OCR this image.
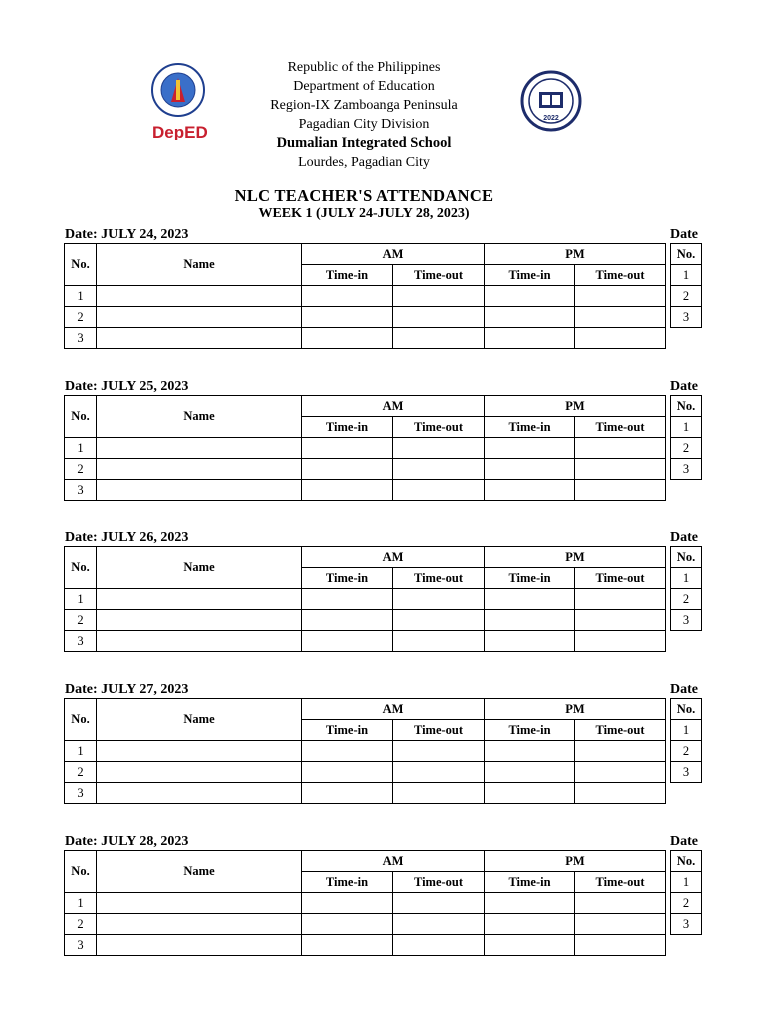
DepED
2022
Republic of the Philippines
Department of Education
Region-IX Zamboanga Peninsula
Pagadian City Division
Dumalian Integrated School
Lourdes, Pagadian City
NLC TEACHER'S ATTENDANCE
WEEK 1 (JULY 24-JULY 28, 2023)
Date: JULY 24, 2023	Date
No.	Name	AM		PM	
		Time-in	Time-out	Time-in	Time-out
1					
2					
3					
No.

1
2
3
Date: JULY 25, 2023	Date
No.	Name	AM		PM	
		Time-in	Time-out	Time-in	Time-out
1					
2					
3					
No.

1
2
3
Date: JULY 26, 2023	Date
No.	Name	AM		PM	
		Time-in	Time-out	Time-in	Time-out
1					
2					
3					
No.

1
2
3
Date: JULY 27, 2023	Date
No.	Name	AM		PM	
		Time-in	Time-out	Time-in	Time-out
1					
2					
3					
No.

1
2
3
Date: JULY 28, 2023	Date
No.	Name	AM		PM	
		Time-in	Time-out	Time-in	Time-out
1					
2					
3					
No.

1
2
3
